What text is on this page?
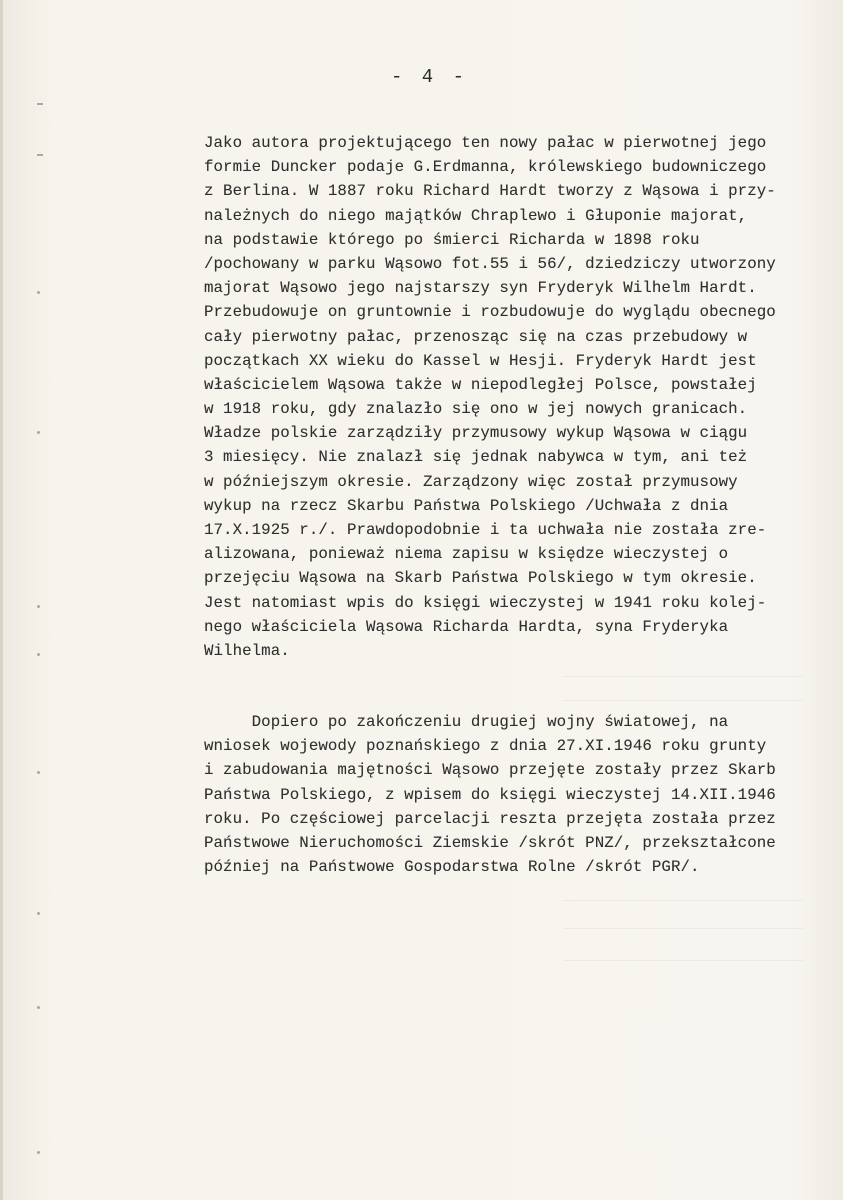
- 4 -
Jako autora projektującego ten nowy pałac w pierwotnej jego
formie Duncker podaje G.Erdmanna, królewskiego budowniczego
z Berlina. W 1887 roku Richard Hardt tworzy z Wąsowa i przy-
należnych do niego majątków Chraplewo i Głuponie majorat,
na podstawie którego po śmierci Richarda w 1898 roku
/pochowany w parku Wąsowo fot.55 i 56/, dziedziczy utworzony
majorat Wąsowo jego najstarszy syn Fryderyk Wilhelm Hardt.
Przebudowuje on gruntownie i rozbudowuje do wyglądu obecnego
cały pierwotny pałac, przenosząc się na czas przebudowy w
początkach XX wieku do Kassel w Hesji. Fryderyk Hardt jest
właścicielem Wąsowa także w niepodległej Polsce, powstałej
w 1918 roku, gdy znalazło się ono w jej nowych granicach.
Władze polskie zarządziły przymusowy wykup Wąsowa w ciągu
3 miesięcy. Nie znalazł się jednak nabywca w tym, ani też
w późniejszym okresie. Zarządzony więc został przymusowy
wykup na rzecz Skarbu Państwa Polskiego /Uchwała z dnia
17.X.1925 r./. Prawdopodobnie i ta uchwała nie została zre-
alizowana, ponieważ niema zapisu w księdze wieczystej o
przejęciu Wąsowa na Skarb Państwa Polskiego w tym okresie.
Jest natomiast wpis do księgi wieczystej w 1941 roku kolej-
nego właściciela Wąsowa Richarda Hardta, syna Fryderyka
Wilhelma.
Dopiero po zakończeniu drugiej wojny światowej, na
wniosek wojewody poznańskiego z dnia 27.XI.1946 roku grunty
i zabudowania majętności Wąsowo przejęte zostały przez Skarb
Państwa Polskiego, z wpisem do księgi wieczystej 14.XII.1946
roku. Po częściowej parcelacji reszta przejęta została przez
Państwowe Nieruchomości Ziemskie /skrót PNZ/, przekształcone
później na Państwowe Gospodarstwa Rolne /skrót PGR/.
